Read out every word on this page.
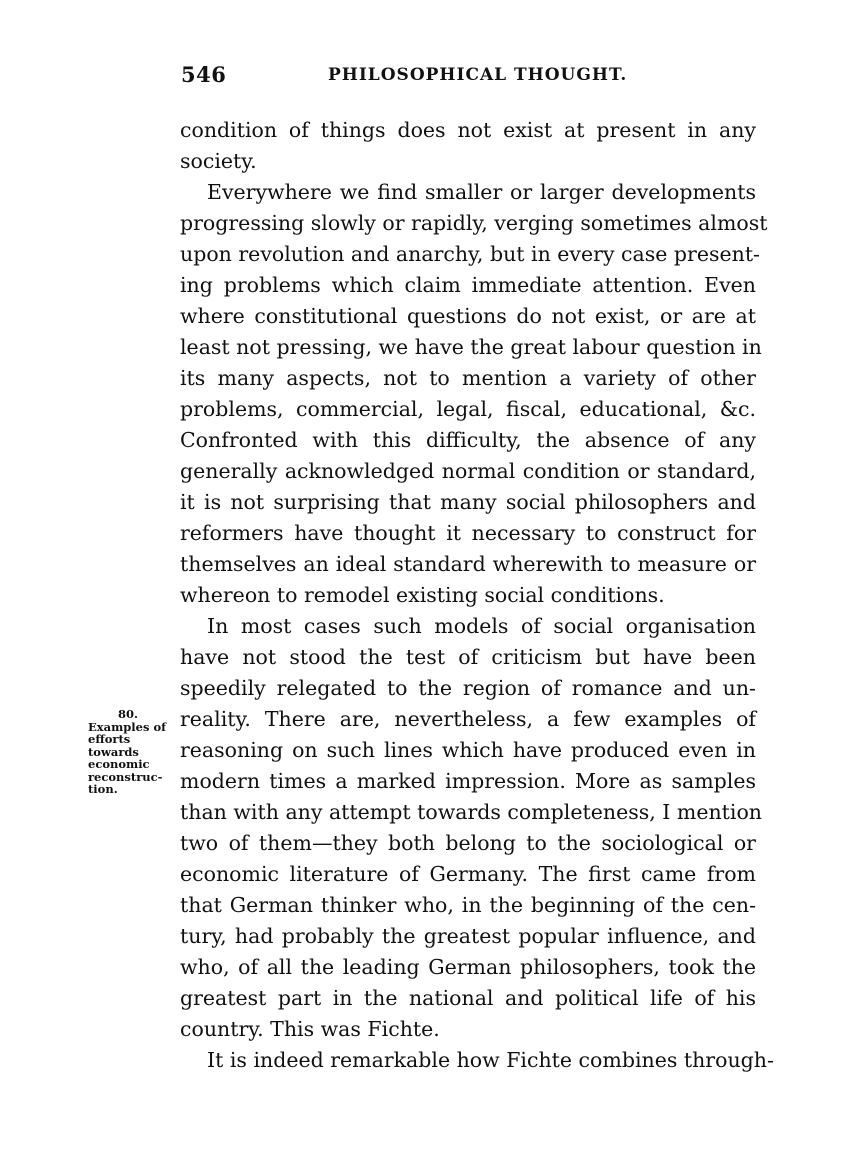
546	PHILOSOPHICAL THOUGHT.
condition of things does not exist at present in any
society.
Everywhere we find smaller or larger developments
progressing slowly or rapidly, verging sometimes almost
upon revolution and anarchy, but in every case present-
ing problems which claim immediate attention. Even
where constitutional questions do not exist, or are at
least not pressing, we have the great labour question in
its many aspects, not to mention a variety of other
problems, commercial, legal, fiscal, educational, &c.
Confronted with this difficulty, the absence of any
generally acknowledged normal condition or standard,
it is not surprising that many social philosophers and
reformers have thought it necessary to construct for
themselves an ideal standard wherewith to measure or
whereon to remodel existing social conditions.
In most cases such models of social organisation
have not stood the test of criticism but have been
speedily relegated to the region of romance and un-
reality. There are, nevertheless, a few examples of
reasoning on such lines which have produced even in
modern times a marked impression. More as samples
than with any attempt towards completeness, I mention
two of them—they both belong to the sociological or
economic literature of Germany. The first came from
that German thinker who, in the beginning of the cen-
tury, had probably the greatest popular influence, and
who, of all the leading German philosophers, took the
greatest part in the national and political life of his
country. This was Fichte.
It is indeed remarkable how Fichte combines through-
80.
Examples of
efforts
towards
economic
reconstruc-
tion.
